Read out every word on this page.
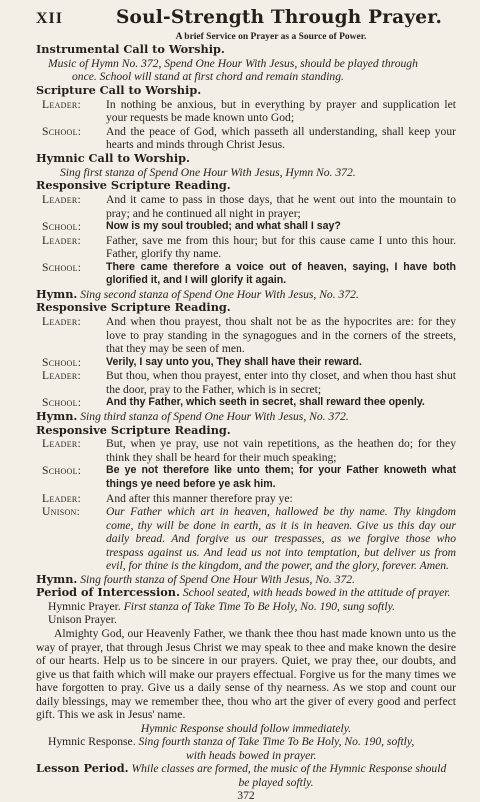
XII	Soul-Strength Through Prayer.
A brief Service on Prayer as a Source of Power.
Instrumental Call to Worship.
Music of Hymn No. 372, Spend One Hour With Jesus, should be played through
once. School will stand at first chord and remain standing.
Scripture Call to Worship.
Leader:	In nothing be anxious, but in everything by prayer and supplication let your requests be made known unto God;
School:	And the peace of God, which passeth all understanding, shall keep your hearts and minds through Christ Jesus.
Hymnic Call to Worship.
Sing first stanza of Spend One Hour With Jesus, Hymn No. 372.
Responsive Scripture Reading.
Leader:	And it came to pass in those days, that he went out into the mountain to pray; and he continued all night in prayer;
School:	Now is my soul troubled; and what shall I say?
Leader:	Father, save me from this hour; but for this cause came I unto this hour. Father, glorify thy name.
School:	There came therefore a voice out of heaven, saying, I have both glorified it, and I will glorify it again.
Hymn. Sing second stanza of Spend One Hour With Jesus, No. 372.
Responsive Scripture Reading.
Leader:	And when thou prayest, thou shalt not be as the hypocrites are: for they love to pray standing in the synagogues and in the corners of the streets, that they may be seen of men.
School:	Verily, I say unto you, They shall have their reward.
Leader:	But thou, when thou prayest, enter into thy closet, and when thou hast shut the door, pray to the Father, which is in secret;
School:	And thy Father, which seeth in secret, shall reward thee openly.
Hymn. Sing third stanza of Spend One Hour With Jesus, No. 372.
Responsive Scripture Reading.
Leader:	But, when ye pray, use not vain repetitions, as the heathen do; for they think they shall be heard for their much speaking;
School:	Be ye not therefore like unto them; for your Father knoweth what things ye need before ye ask him.
Leader:	And after this manner therefore pray ye:
Unison:	Our Father which art in heaven, hallowed be thy name. Thy kingdom come, thy will be done in earth, as it is in heaven. Give us this day our daily bread. And forgive us our trespasses, as we forgive those who trespass against us. And lead us not into temptation, but deliver us from evil, for thine is the kingdom, and the power, and the glory, forever. Amen.
Hymn. Sing fourth stanza of Spend One Hour With Jesus, No. 372.
Period of Intercession. School seated, with heads bowed in the attitude of prayer.
Hymnic Prayer. First stanza of Take Time To Be Holy, No. 190, sung softly.
Unison Prayer.
Almighty God, our Heavenly Father, we thank thee thou hast made known unto us the way of prayer, that through Jesus Christ we may speak to thee and make known the desire of our hearts. Help us to be sincere in our prayers. Quiet, we pray thee, our doubts, and give us that faith which will make our prayers effectual. Forgive us for the many times we have forgotten to pray. Give us a daily sense of thy nearness. As we stop and count our daily blessings, may we remember thee, thou who art the giver of every good and perfect gift. This we ask in Jesus' name.
Hymnic Response should follow immediately.
Hymnic Response. Sing fourth stanza of Take Time To Be Holy, No. 190, softly,
with heads bowed in prayer.
Lesson Period. While classes are formed, the music of the Hymnic Response should
be played softly.
372
